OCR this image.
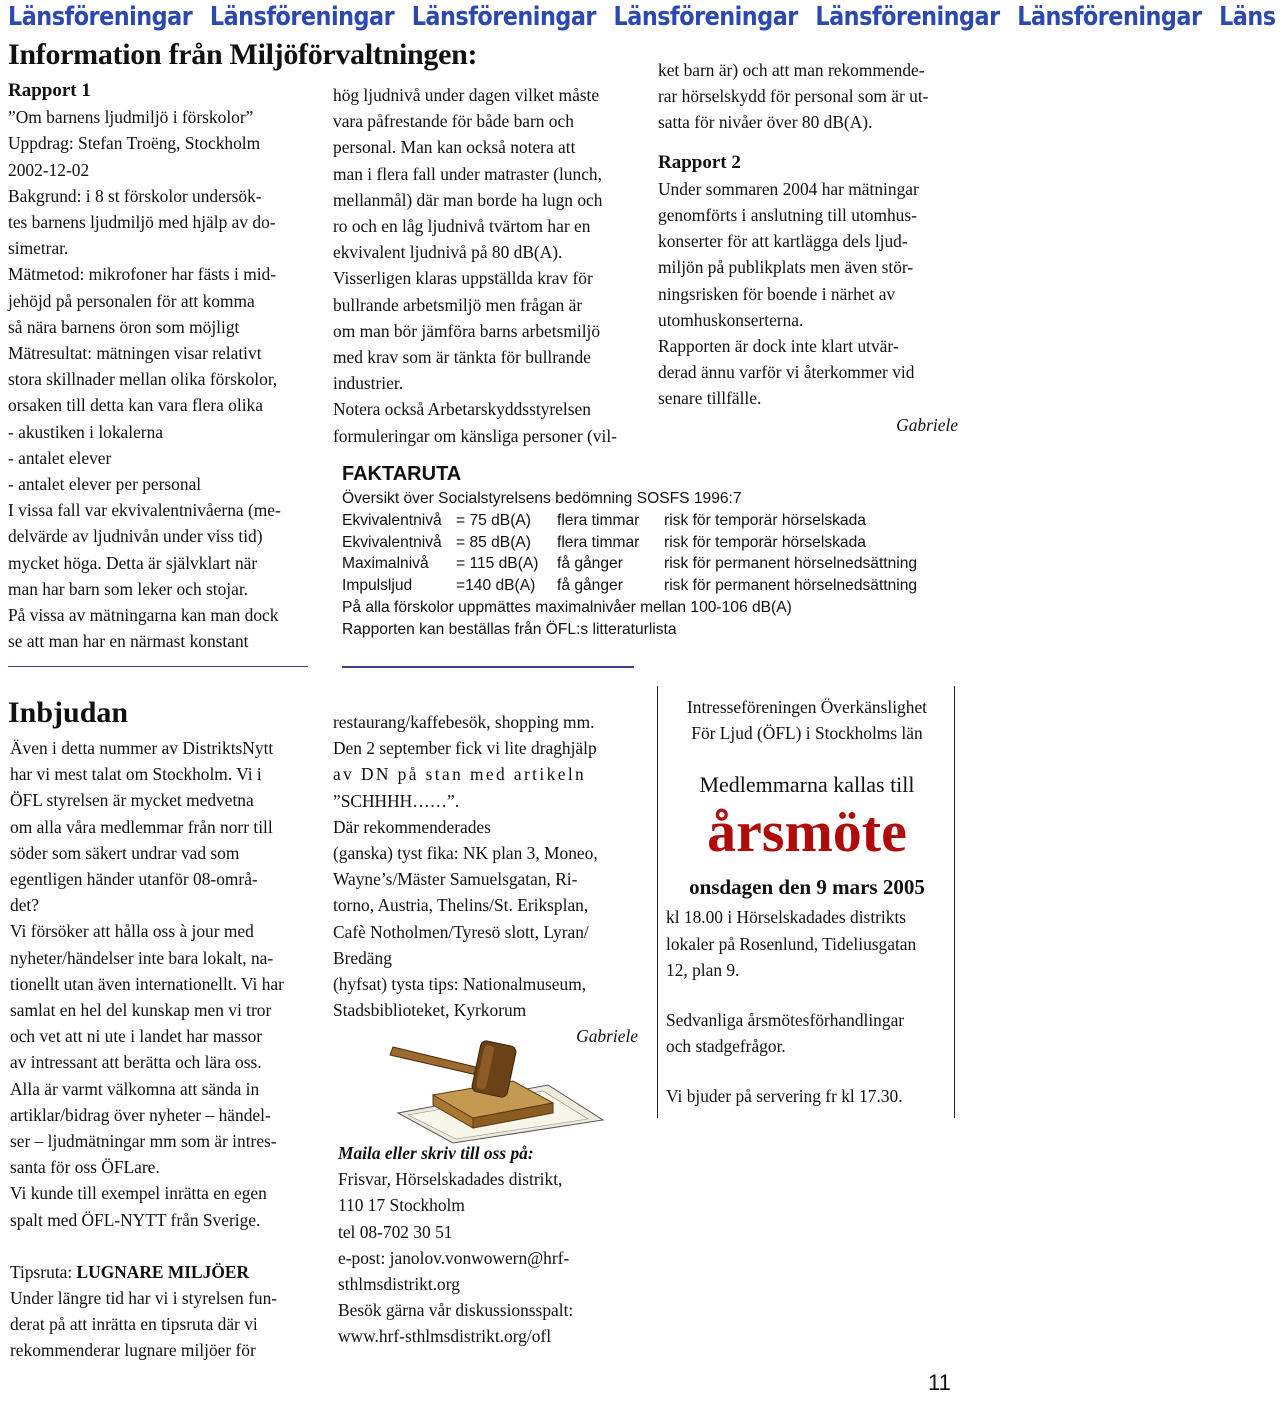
Länsföreningar Länsföreningar Länsföreningar Länsföreningar Länsföreningar Länsföreningar Läns
Information från Miljöförvaltningen:

Rapport 1

”Om barnens ljudmiljö i förskolor”

Uppdrag: Stefan Troëng, Stockholm

2002-12-02

Bakgrund: i 8 st förskolor undersök-

tes barnens ljudmiljö med hjälp av do-

simetrar.

Mätmetod: mikrofoner har fästs i mid-

jehöjd på personalen för att komma

så nära barnens öron som möjligt

Mätresultat: mätningen visar relativt

stora skillnader mellan olika förskolor,

orsaken till detta kan vara flera olika

- akustiken i lokalerna

- antalet elever

- antalet elever per personal

I vissa fall var ekvivalentnivåerna (me-

delvärde av ljudnivån under viss tid)

mycket höga. Detta är självklart när

man har barn som leker och stojar.

På vissa av mätningarna kan man dock

se att man har en närmast konstant

hög ljudnivå under dagen vilket måste

vara påfrestande för både barn och

personal. Man kan också notera att

man i flera fall under matraster (lunch,

mellanmål) där man borde ha lugn och

ro och en låg ljudnivå tvärtom har en

ekvivalent ljudnivå på 80 dB(A).

Visserligen klaras uppställda krav för

bullrande arbetsmiljö men frågan är

om man bör jämföra barns arbetsmiljö

med krav som är tänkta för bullrande

industrier.

Notera också Arbetarskyddsstyrelsen

formuleringar om känsliga personer (vil-

ket barn är) och att man rekommende-

rar hörselskydd för personal som är ut-

satta för nivåer över 80 dB(A).

Rapport 2

Under sommaren 2004 har mätningar

genomförts i anslutning till utomhus-

konserter för att kartlägga dels ljud-

miljön på publikplats men även stör-

ningsrisken för boende i närhet av

utomhuskonserterna.

Rapporten är dock inte klart utvär-

derad ännu varför vi återkommer vid

senare tillfälle.

Gabriele

FAKTARUTA
Översikt över Socialstyrelsens bedömning SOSFS 1996:7
Ekvivalentnivå	= 75 dB(A)	flera timmar	risk för temporär hörselskada
Ekvivalentnivå	= 85 dB(A)	flera timmar	risk för temporär hörselskada
Maximalnivå	= 115 dB(A)	få gånger	risk för permanent hörselnedsättning
Impulsljud	=140 dB(A)	få gånger	risk för permanent hörselnedsättning
På alla förskolor uppmättes maximalnivåer mellan 100-106 dB(A)
Rapporten kan beställas från ÖFL:s litteraturlista
Inbjudan

Även i detta nummer av DistriktsNytt

har vi mest talat om Stockholm. Vi i

ÖFL styrelsen är mycket medvetna

om alla våra medlemmar från norr till

söder som säkert undrar vad som

egentligen händer utanför 08-områ-

det?

Vi försöker att hålla oss à jour med

nyheter/händelser inte bara lokalt, na-

tionellt utan även internationellt. Vi har

samlat en hel del kunskap men vi tror

och vet att ni ute i landet har massor

av intressant att berätta och lära oss.

Alla är varmt välkomna att sända in

artiklar/bidrag över nyheter – händel-

ser – ljudmätningar mm som är intres-

santa för oss ÖFLare.

Vi kunde till exempel inrätta en egen

spalt med ÖFL-NYTT från Sverige.

Tipsruta: LUGNARE MILJÖER

Under längre tid har vi i styrelsen fun-

derat på att inrätta en tipsruta där vi

rekommenderar lugnare miljöer för

restaurang/kaffebesök, shopping mm.

Den 2 september fick vi lite draghjälp

av DN på stan med artikeln

”SCHHHH……”.

Där rekommenderades

(ganska) tyst fika: NK plan 3, Moneo,

Wayne’s/Mäster Samuelsgatan, Ri-

torno, Austria, Thelins/St. Eriksplan,

Cafè Notholmen/Tyresö slott, Lyran/

Bredäng

(hyfsat) tysta tips: Nationalmuseum,

Stadsbiblioteket, Kyrkorum

Gabriele

Maila eller skriv till oss på:

Frisvar, Hörselskadades distrikt,

110 17 Stockholm

tel 08-702 30 51

e-post: janolov.vonwowern@hrf-

sthlmsdistrikt.org

Besök gärna vår diskussionsspalt:

www.hrf-sthlmsdistrikt.org/ofl

Intresseföreningen Överkänslighet

För Ljud (ÖFL) i Stockholms län

Medlemmarna kallas till

årsmöte

onsdagen den 9 mars 2005

kl 18.00 i Hörselskadades distrikts

lokaler på Rosenlund, Tideliusgatan

12, plan 9.

Sedvanliga årsmötesförhandlingar

och stadgefrågor.

Vi bjuder på servering fr kl 17.30.

11
